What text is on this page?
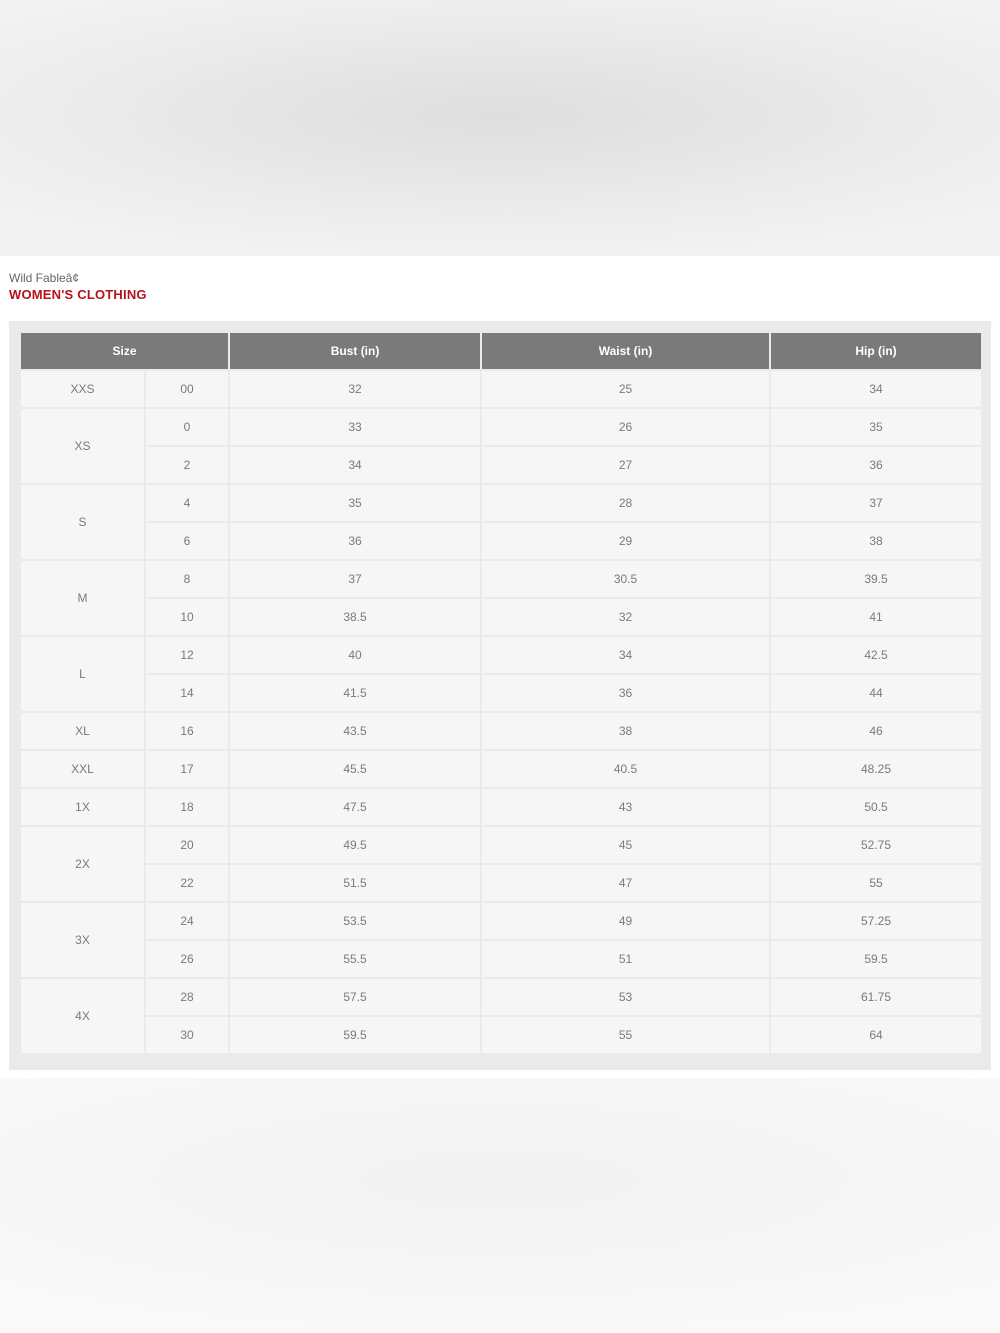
Wild Fableâ¢
WOMEN'S CLOTHING
Size		Bust (in)	Waist (in)	Hip (in)
XXS	00	32	25	34
XS	0	33	26	35
	2	34	27	36
S	4	35	28	37
	6	36	29	38
M	8	37	30.5	39.5
	10	38.5	32	41
L	12	40	34	42.5
	14	41.5	36	44
XL	16	43.5	38	46
XXL	17	45.5	40.5	48.25
1X	18	47.5	43	50.5
2X	20	49.5	45	52.75
	22	51.5	47	55
3X	24	53.5	49	57.25
	26	55.5	51	59.5
4X	28	57.5	53	61.75
	30	59.5	55	64
